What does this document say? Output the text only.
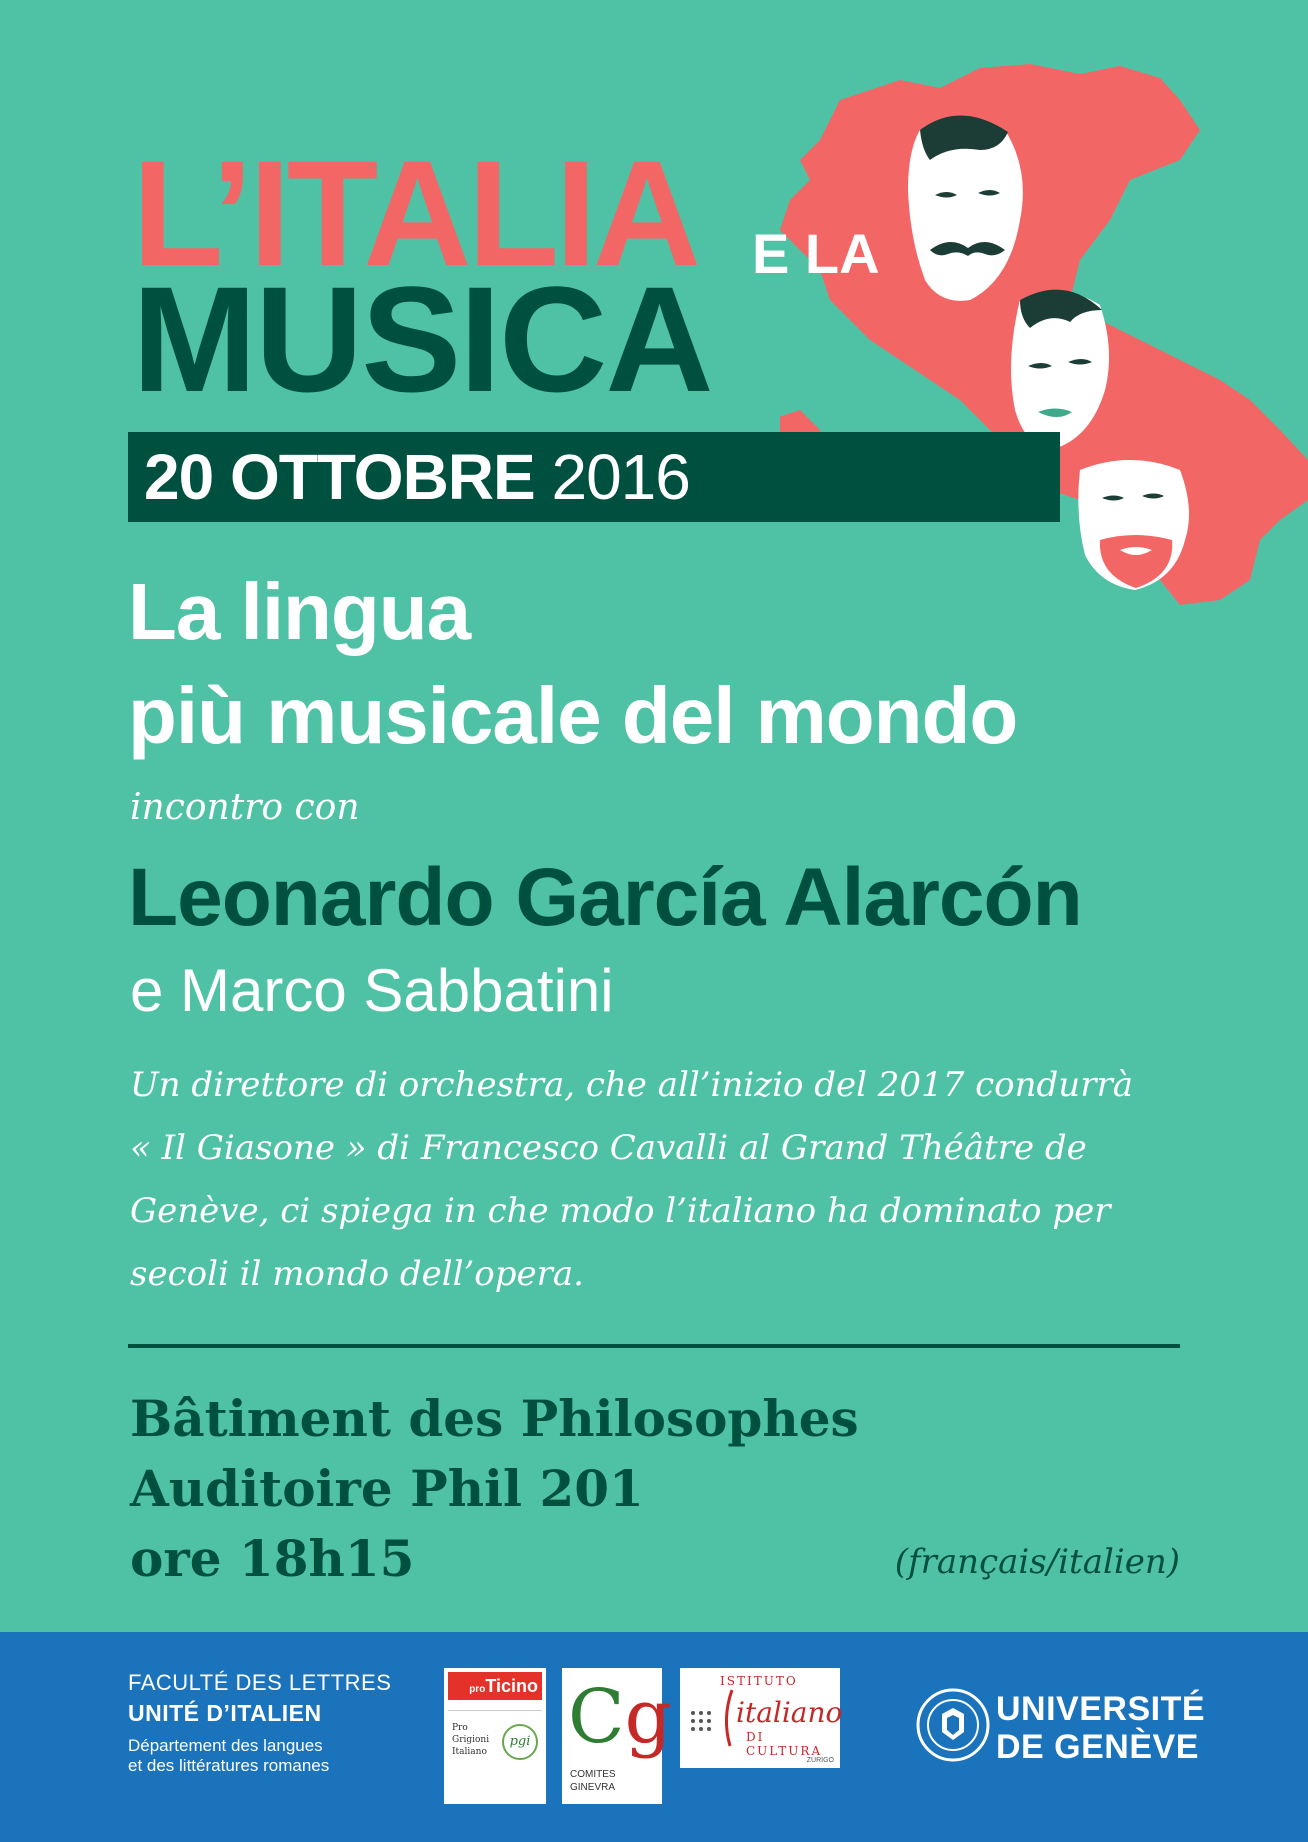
L’ITALIA E LA
MUSICA
20 OTTOBRE 2016
La lingua
più musicale del mondo
incontro con
Leonardo García Alarcón
e Marco Sabbatini
Un direttore di orchestra, che all’inizio del 2017 condurrà
« Il Giasone » di Francesco Cavalli al Grand Théâtre de
Genève, ci spiega in che modo l’italiano ha dominato per
secoli il mondo dell’opera.
Bâtiment des Philosophes
Auditoire Phil 201
ore 18h15	(français/italien)
FACULTÉ DES LETTRES
UNITÉ D’ITALIEN
Département des langues
et des littératures romanes
proTicino
Pro
Grigioni
Italiano
pgi Cg
COMITES
GINEVRA
ISTITUTO
italiano
DI CULTURA
ZURIGO
UNIVERSITÉ
DE GENÈVE
